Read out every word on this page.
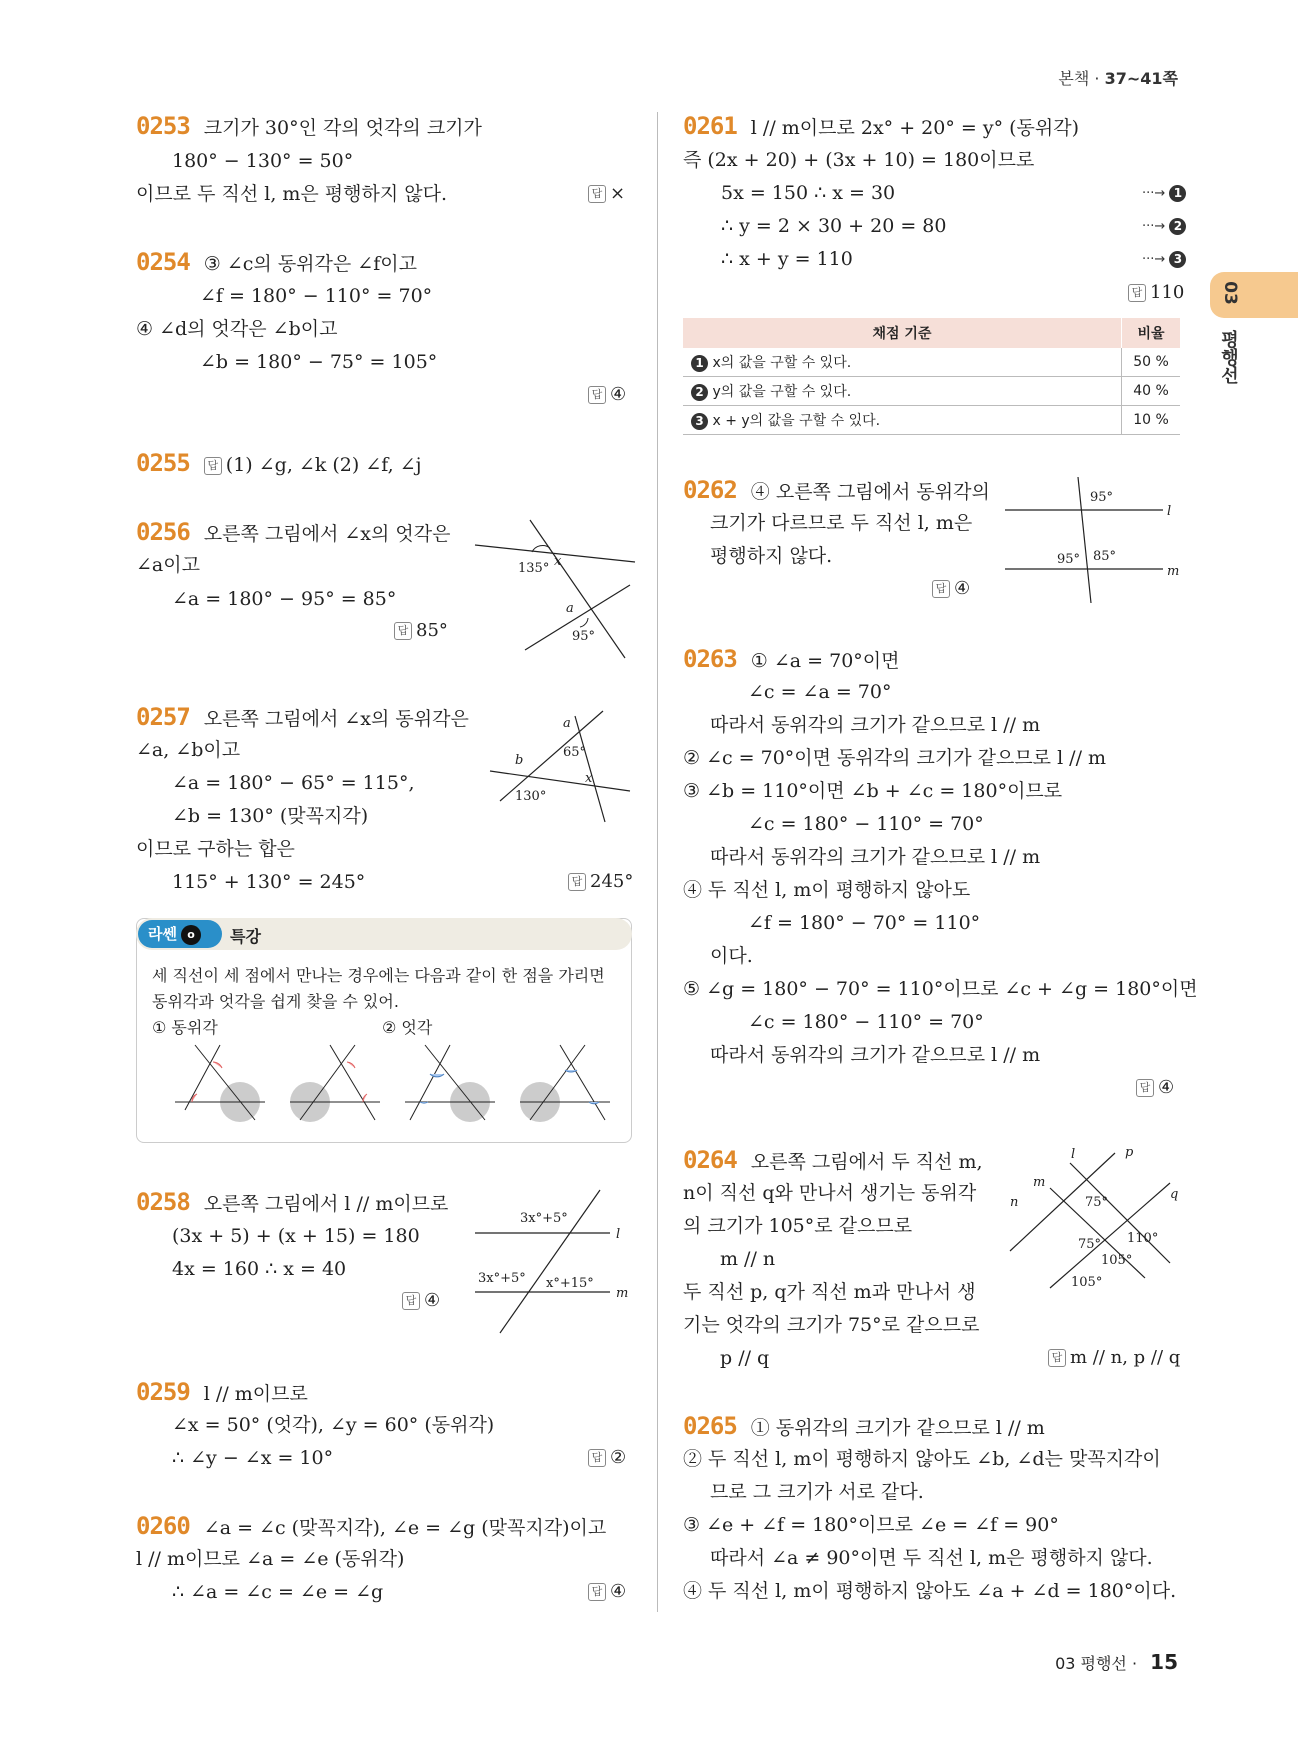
본책 · 37~41쪽
03
평행선
0253 크기가 30°인 각의 엇각의 크기가
180° − 130° = 50°
이므로 두 직선 l, m은 평행하지 않다.	답 ×
0254 ③ ∠c의 동위각은 ∠f이고
∠f = 180° − 110° = 70°
④ ∠d의 엇각은 ∠b이고
∠b = 180° − 75° = 105°
답 ④
0255 답 (1) ∠g, ∠k (2) ∠f, ∠j
0256 오른쪽 그림에서 ∠x의 엇각은
∠a이고
∠a = 180° − 95° = 85°
답 85°
135° x
a
95°
0257 오른쪽 그림에서 ∠x의 동위각은
∠a, ∠b이고
∠a = 180° − 65° = 115°,
∠b = 130° (맞꼭지각)
이므로 구하는 합은
115° + 130° = 245°	답 245°
a
65°
b
x
130°
라쎈 o	특강
세 직선이 세 점에서 만나는 경우에는 다음과 같이 한 점을 가리면
동위각과 엇각을 쉽게 찾을 수 있어.
① 동위각	② 엇각
0258 오른쪽 그림에서 l // m이므로
(3x + 5) + (x + 15) = 180
4x = 160 ∴ x = 40
답 ④
3x°+5°
l
3x°+5° x°+15°
m
0259 l // m이므로
∠x = 50° (엇각), ∠y = 60° (동위각)
∴ ∠y − ∠x = 10°	답 ②
0260 ∠a = ∠c (맞꼭지각), ∠e = ∠g (맞꼭지각)이고
l // m이므로 ∠a = ∠e (동위각)
∴ ∠a = ∠c = ∠e = ∠g	답 ④
0261 l // m이므로 2x° + 20° = y° (동위각)
즉 (2x + 20) + (3x + 10) = 180이므로
5x = 150 ∴ x = 30
∴ y = 2 × 30 + 20 = 80
∴ x + y = 110
···→ 1
···→ 2
···→ 3
답 110
채점 기준	비율
1 x의 값을 구할 수 있다.	50 %
2 y의 값을 구할 수 있다.	40 %
3 x + y의 값을 구할 수 있다.	10 %
0262 ④ 오른쪽 그림에서 동위각의
크기가 다르므로 두 직선 l, m은
평행하지 않다.
답 ④
95°
l
95° 85°
m
0263 ① ∠a = 70°이면
∠c = ∠a = 70°
따라서 동위각의 크기가 같으므로 l // m
② ∠c = 70°이면 동위각의 크기가 같으므로 l // m
③ ∠b = 110°이면 ∠b + ∠c = 180°이므로
∠c = 180° − 110° = 70°
따라서 동위각의 크기가 같으므로 l // m
④ 두 직선 l, m이 평행하지 않아도
∠f = 180° − 70° = 110°
이다.
⑤ ∠g = 180° − 70° = 110°이므로 ∠c + ∠g = 180°이면
∠c = 180° − 110° = 70°
따라서 동위각의 크기가 같으므로 l // m
답 ④
0264 오른쪽 그림에서 두 직선 m,
n이 직선 q와 만나서 생기는 동위각
의 크기가 105°로 같으므로
m // n
두 직선 p, q가 직선 m과 만나서 생
기는 엇각의 크기가 75°로 같으므로
p // q	답 m // n, p // q
l	p
m
q
n	75°
75° 110°
105°
105°
0265 ① 동위각의 크기가 같으므로 l // m
② 두 직선 l, m이 평행하지 않아도 ∠b, ∠d는 맞꼭지각이
므로 그 크기가 서로 같다.
③ ∠e + ∠f = 180°이므로 ∠e = ∠f = 90°
따라서 ∠a ≠ 90°이면 두 직선 l, m은 평행하지 않다.
④ 두 직선 l, m이 평행하지 않아도 ∠a + ∠d = 180°이다.
03 평행선 · 15
